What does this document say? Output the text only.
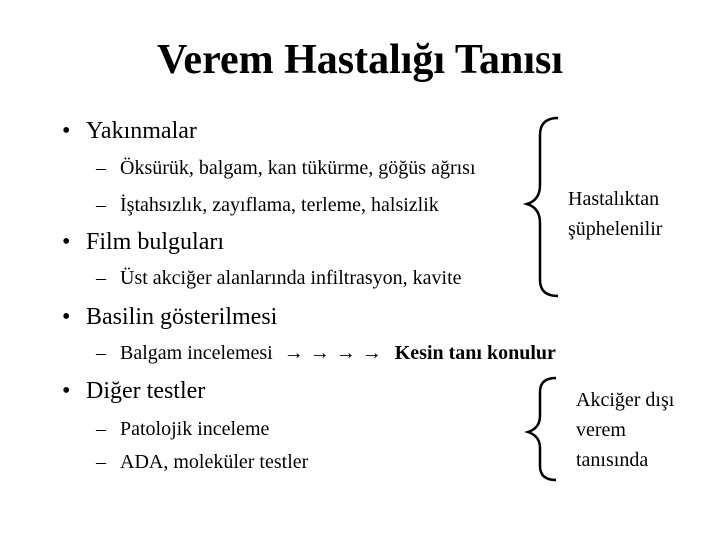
Verem Hastalığı Tanısı
• Yakınmalar
– Öksürük, balgam, kan tükürme, göğüs ağrısı
– İştahsızlık, zayıflama, terleme, halsizlik
• Film bulguları
– Üst akciğer alanlarında infiltrasyon, kavite
• Basilin gösterilmesi
– Balgam incelemesi → → → → Kesin tanı konulur
• Diğer testler
– Patolojik inceleme
– ADA, moleküler testler
Hastalıktan
şüphelenilir
Akciğer dışı
verem
tanısında
